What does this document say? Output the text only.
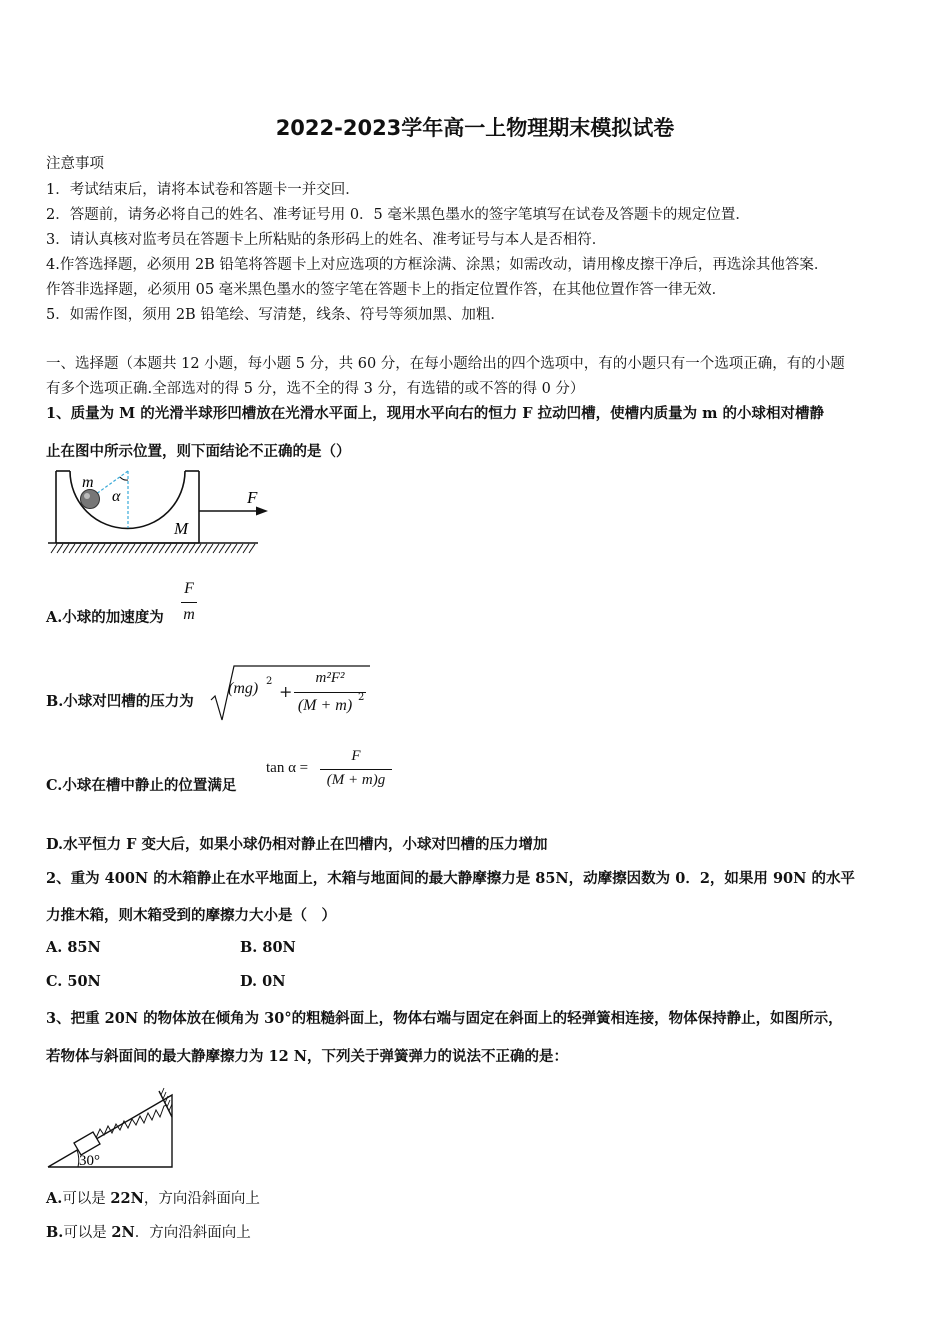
2022-2023学年高一上物理期末模拟试卷
注意事项
1．考试结束后，请将本试卷和答题卡一并交回．
2．答题前，请务必将自己的姓名、准考证号用 0．5 毫米黑色墨水的签字笔填写在试卷及答题卡的规定位置．
3．请认真核对监考员在答题卡上所粘贴的条形码上的姓名、准考证号与本人是否相符．
4.作答选择题，必须用 2B 铅笔将答题卡上对应选项的方框涂满、涂黑；如需改动，请用橡皮擦干净后，再选涂其他答案．
作答非选择题，必须用 05 毫米黑色墨水的签字笔在答题卡上的指定位置作答，在其他位置作答一律无效．
5．如需作图，须用 2B 铅笔绘、写清楚，线条、符号等须加黑、加粗．
一、选择题（本题共 12 小题，每小题 5 分，共 60 分，在每小题给出的四个选项中，有的小题只有一个选项正确，有的小题
有多个选项正确.全部选对的得 5 分，选不全的得 3 分，有选错的或不答的得 0 分）
1、质量为 M 的光滑半球形凹槽放在光滑水平面上，现用水平向右的恒力 F 拉动凹槽，使槽内质量为 m 的小球相对槽静
止在图中所示位置，则下面结论不正确的是（）
m
α
M
F
A.小球的加速度为
F
m
B.小球对凹槽的压力为
(mg) 2
+
m²F²
(M + m) 2
C.小球在槽中静止的位置满足
tan α =
F
(M + m)g
D.水平恒力 F 变大后，如果小球仍相对静止在凹槽内，小球对凹槽的压力增加
2、重为 400N 的木箱静止在水平地面上，木箱与地面间的最大静摩擦力是 85N，动摩擦因数为 0．2，如果用 90N 的水平
力推木箱，则木箱受到的摩擦力大小是（　）
A. 85N	B. 80N
C. 50N	D. 0N
3、把重 20N 的物体放在倾角为 30°的粗糙斜面上，物体右端与固定在斜面上的轻弹簧相连接，物体保持静止，如图所示，
若物体与斜面间的最大静摩擦力为 12 N，下列关于弹簧弹力的说法不正确的是：
30°
A.可以是 22N，方向沿斜面向上
B.可以是 2N．方向沿斜面向上
